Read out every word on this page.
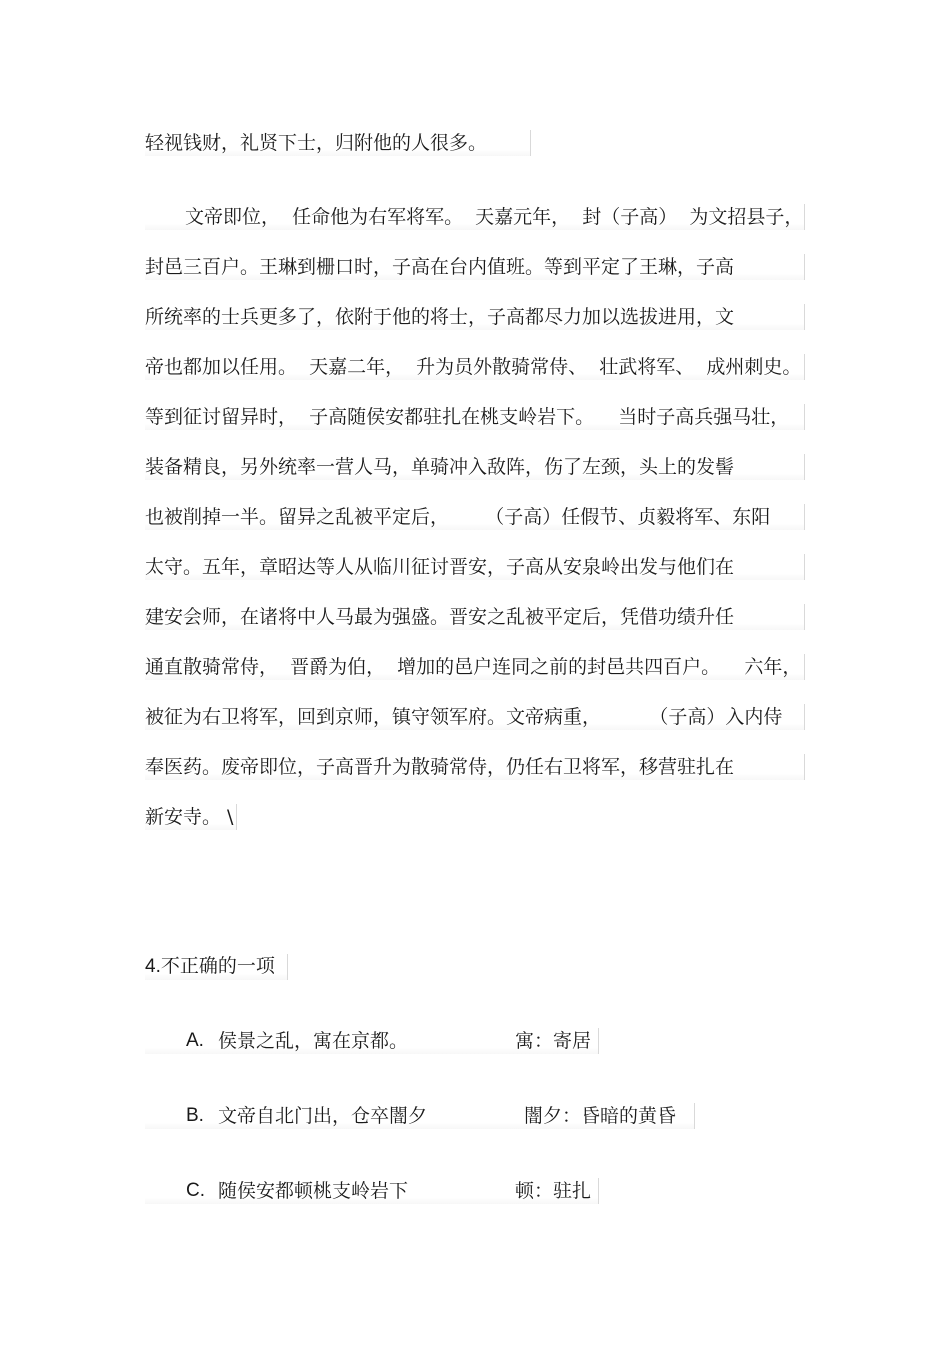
轻视钱财，礼贤下士，归附他的人很多。
文帝即位，  任命他为右军将军。  天嘉元年，  封（子高）  为文招县子，
封邑三百户。王琳到栅口时，子高在台内值班。等到平定了王琳，子高
所统率的士兵更多了，依附于他的将士，子高都尽力加以选拔进用，文
帝也都加以任用。  天嘉二年，  升为员外散骑常侍、  壮武将军、  成州刺史。
等到征讨留异时，  子高随侯安都驻扎在桃支岭岩下。    当时子高兵强马壮，
装备精良，另外统率一营人马，单骑冲入敌阵，伤了左颈，头上的发髻
也被削掉一半。留异之乱被平定后，      （子高）任假节、贞毅将军、东阳
太守。五年，章昭达等人从临川征讨晋安，子高从安泉岭出发与他们在
建安会师，在诸将中人马最为强盛。晋安之乱被平定后，凭借功绩升任
通直散骑常侍，  晋爵为伯，  增加的邑户连同之前的封邑共四百户。    六年，
被征为右卫将军，回到京师，镇守领军府。文帝病重，        （子高）入内侍
奉医药。废帝即位，子高晋升为散骑常侍，仍任右卫将军，移营驻扎在
新安寺。 \
4.不正确的一项

A.

侯景之乱，寓在京都。

	寓：寄居

B.

文帝自北门出，仓卒闇夕

	闇夕：昏暗的黄昏

C.

随侯安都顿桃支岭岩下

	顿：驻扎
